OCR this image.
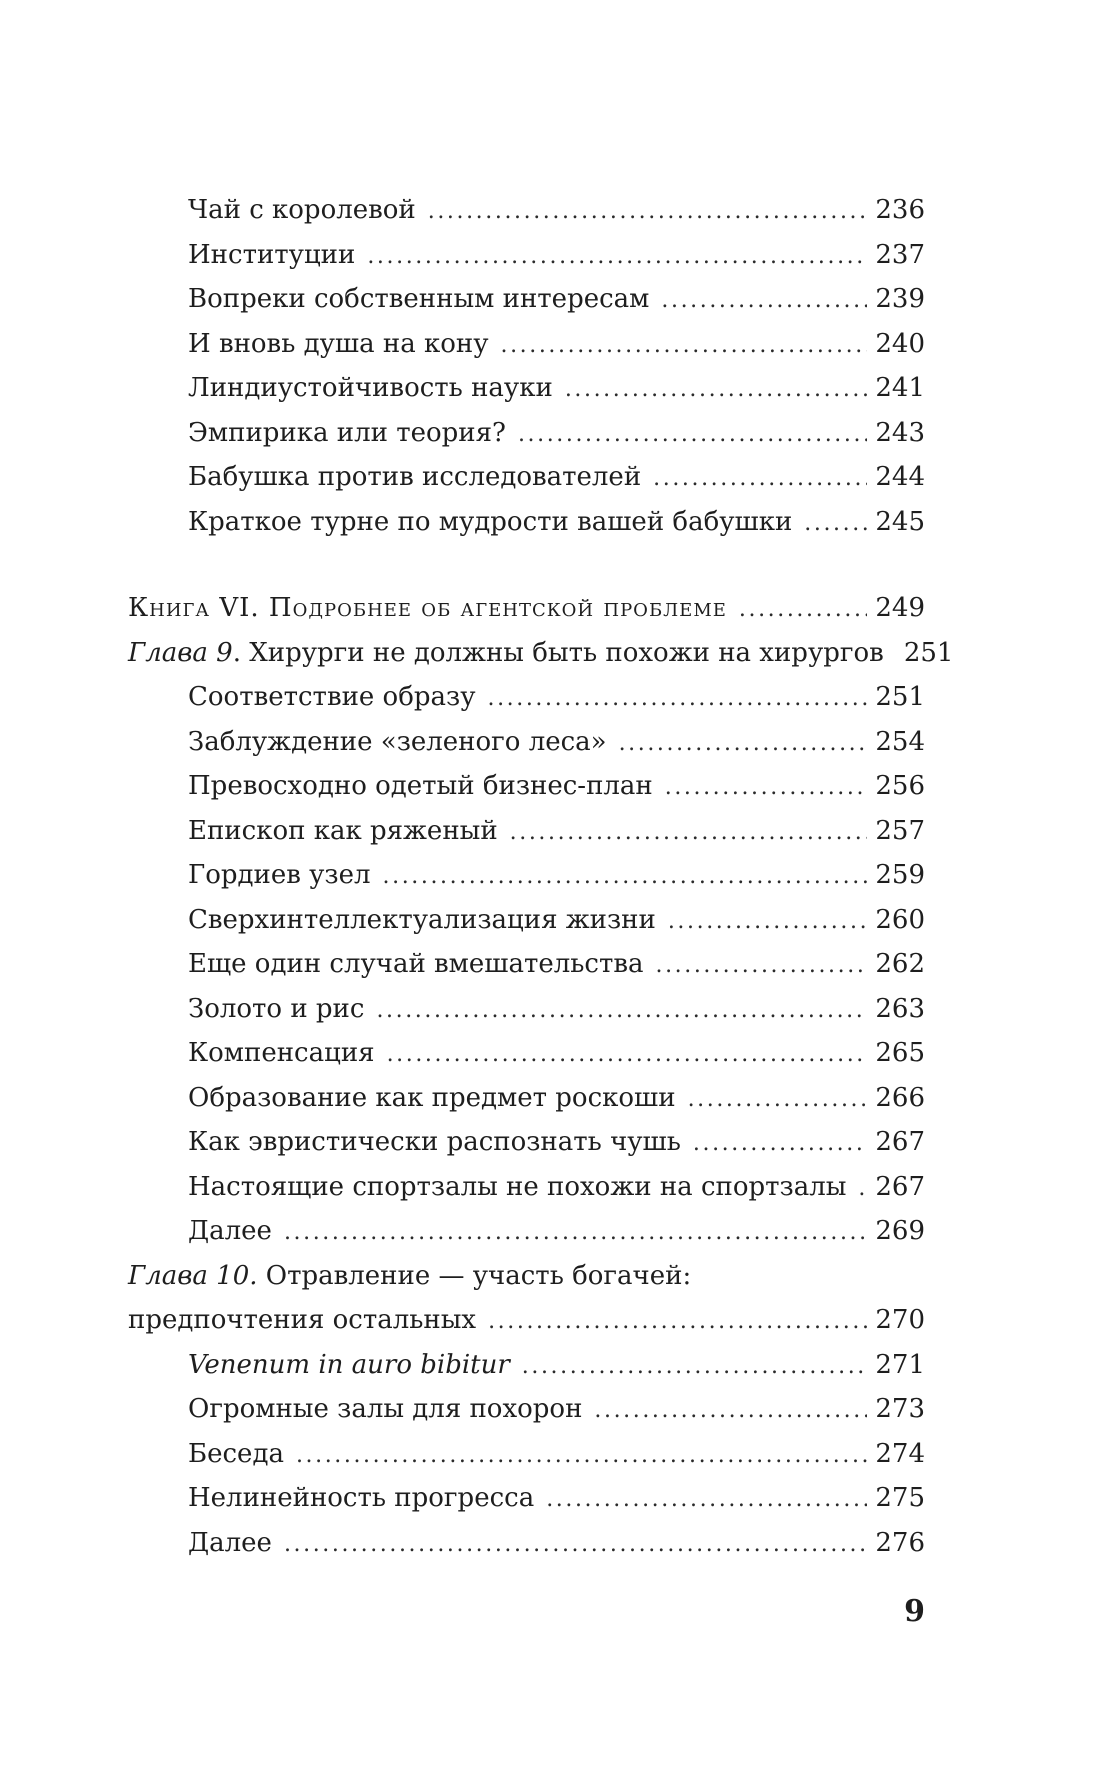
Чай с королевой . . .	236
Институции . . .	237
Вопреки собственным интересам . . .	239
И вновь душа на кону . . .	240
Линдиустойчивость науки . . .	241
Эмпирика или теория? . . .	243
Бабушка против исследователей . . .	244
Краткое турне по мудрости вашей бабушки . . .	245
Книга VI. Подробнее об агентской проблеме . . .	249
Глава 9. Хирурги не должны быть похожи на хирургов 251
Соответствие образу . . .	251
Заблуждение «зеленого леса» . . .	254
Превосходно одетый бизнес-план . . .	256
Епископ как ряженый . . .	257
Гордиев узел . . .	259
Сверхинтеллектуализация жизни . . .	260
Еще один случай вмешательства . . .	262
Золото и рис . . .	263
Компенсация . . .	265
Образование как предмет роскоши . . .	266
Как эвристически распознать чушь . . .	267
Настоящие спортзалы не похожи на спортзалы . . . 267
Далее . . .	269
Глава 10. Отравление — участь богачей:
предпочтения остальных . . .	270
Venenum in auro bibitur . . .	271
Огромные залы для похорон . . .	273
Беседа . . .	274
Нелинейность прогресса . . .	275
Далее . . .	276
9
